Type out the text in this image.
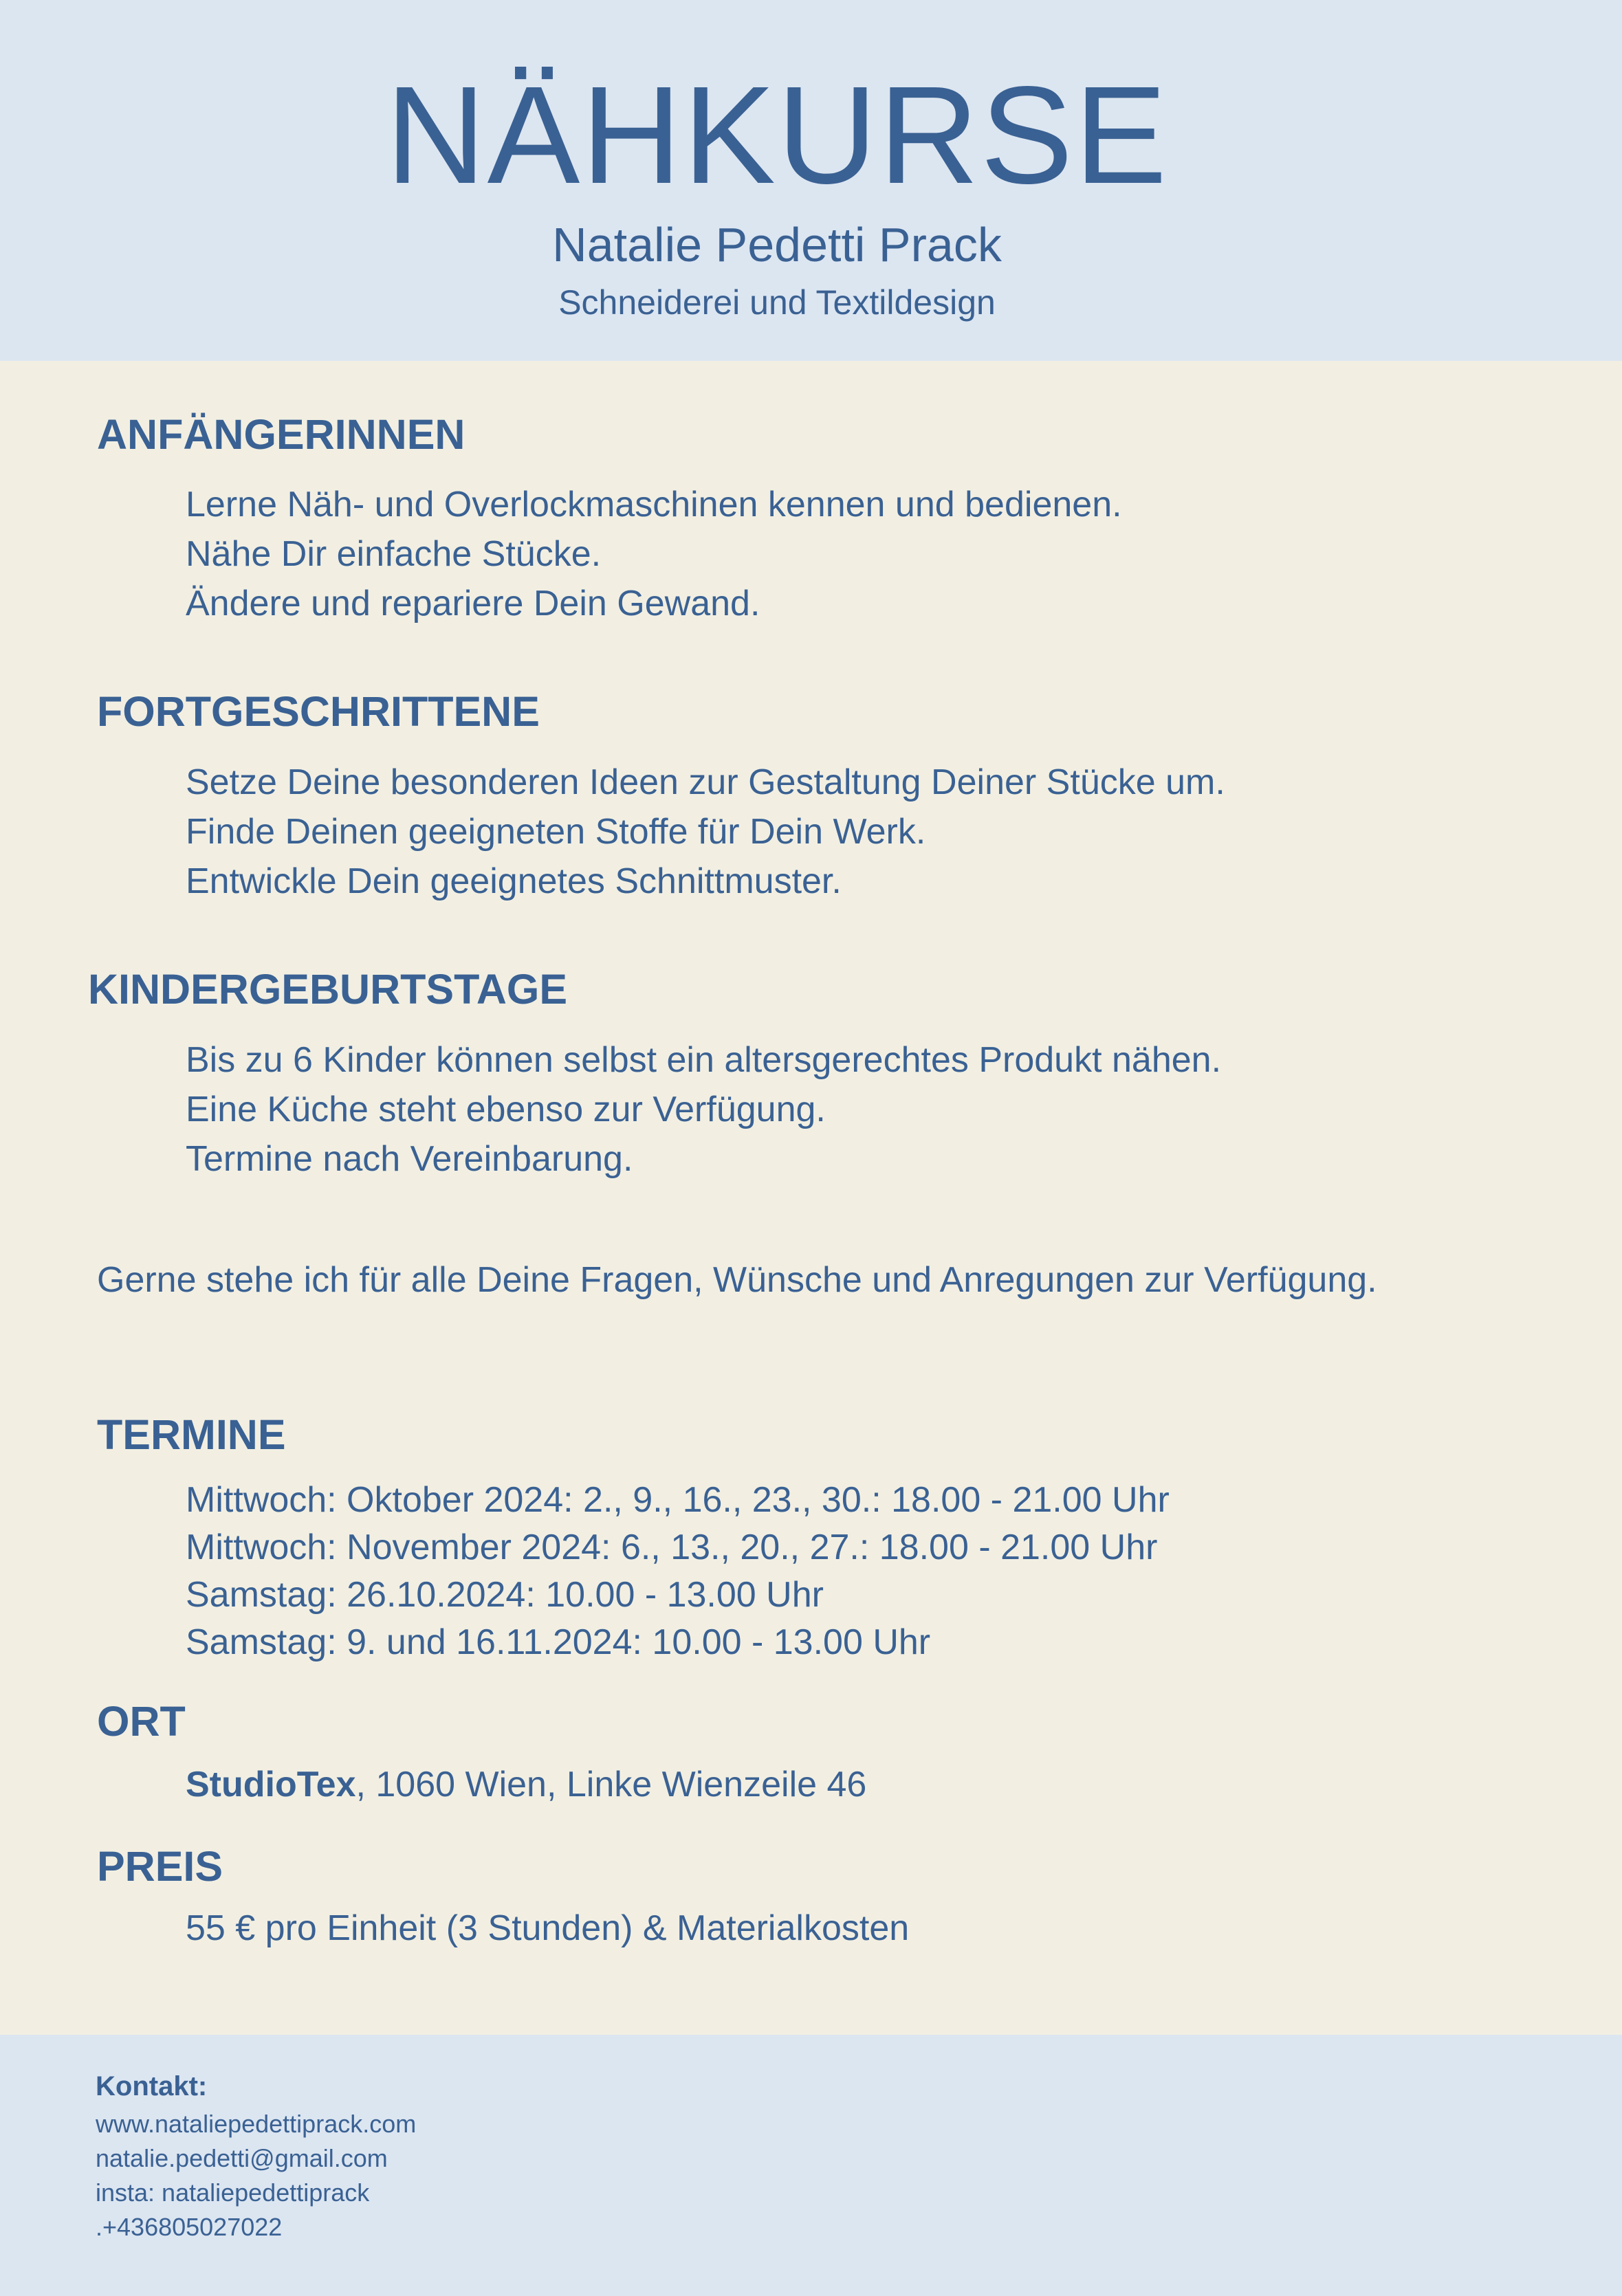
NÄHKURSE
Natalie Pedetti Prack
Schneiderei und Textildesign
ANFÄNGERINNEN
Lerne Näh- und Overlockmaschinen kennen und bedienen.
Nähe Dir einfache Stücke.
Ändere und repariere Dein Gewand.
FORTGESCHRITTENE
Setze Deine besonderen Ideen zur Gestaltung Deiner Stücke um.
Finde Deinen geeigneten Stoffe für Dein Werk.
Entwickle Dein geeignetes Schnittmuster.
KINDERGEBURTSTAGE
Bis zu 6 Kinder können selbst ein altersgerechtes Produkt nähen.
Eine Küche steht ebenso zur Verfügung.
Termine nach Vereinbarung.
Gerne stehe ich für alle Deine Fragen, Wünsche und Anregungen zur Verfügung.
TERMINE
Mittwoch: Oktober 2024: 2., 9., 16., 23., 30.: 18.00 - 21.00 Uhr
Mittwoch: November 2024: 6., 13., 20., 27.: 18.00 - 21.00 Uhr
Samstag: 26.10.2024: 10.00 - 13.00 Uhr
Samstag: 9. und 16.11.2024: 10.00 - 13.00 Uhr
ORT
StudioTex, 1060 Wien, Linke Wienzeile 46
PREIS
55 € pro Einheit (3 Stunden) & Materialkosten
Kontakt:
www.nataliepedettiprack.com
natalie.pedetti@gmail.com
insta: nataliepedettiprack
.+436805027022
